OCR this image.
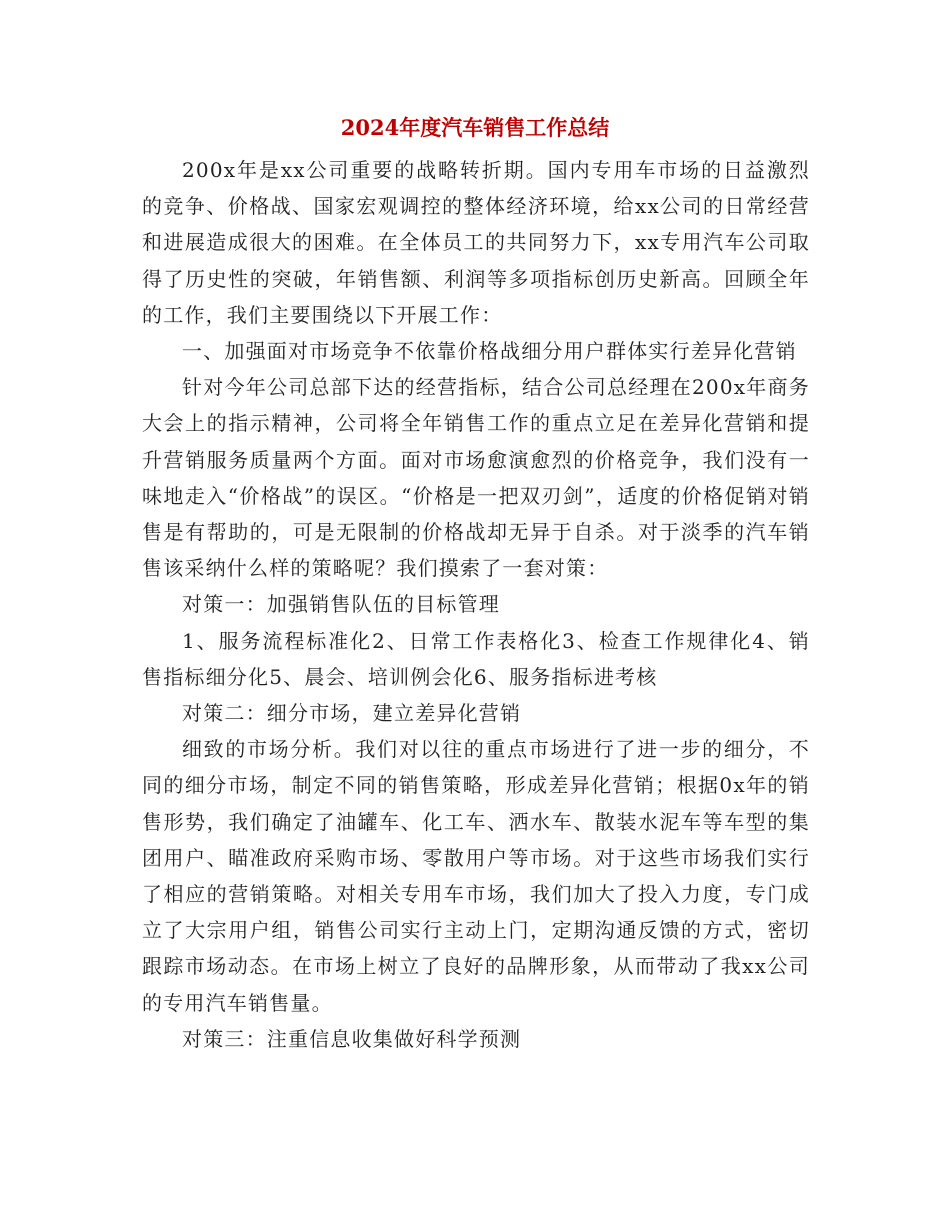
2024年度汽车销售工作总结

200x年是xx公司重要的战略转折期。国内专用车市场的日益激烈的竞争、价格战、国家宏观调控的整体经济环境，给xx公司的日常经营和进展造成很大的困难。在全体员工的共同努力下，xx专用汽车公司取得了历史性的突破，年销售额、利润等多项指标创历史新高。回顾全年的工作，我们主要围绕以下开展工作：

一、加强面对市场竞争不依靠价格战细分用户群体实行差异化营销

针对今年公司总部下达的经营指标，结合公司总经理在200x年商务大会上的指示精神，公司将全年销售工作的重点立足在差异化营销和提升营销服务质量两个方面。面对市场愈演愈烈的价格竞争，我们没有一味地走入“价格战”的误区。“价格是一把双刃剑”，适度的价格促销对销售是有帮助的，可是无限制的价格战却无异于自杀。对于淡季的汽车销售该采纳什么样的策略呢？我们摸索了一套对策：

对策一：加强销售队伍的目标管理

1、服务流程标准化2、日常工作表格化3、检查工作规律化4、销售指标细分化5、晨会、培训例会化6、服务指标进考核

对策二：细分市场，建立差异化营销

细致的市场分析。我们对以往的重点市场进行了进一步的细分，不同的细分市场，制定不同的销售策略，形成差异化营销；根据0x年的销售形势，我们确定了油罐车、化工车、洒水车、散装水泥车等车型的集团用户、瞄准政府采购市场、零散用户等市场。对于这些市场我们实行了相应的营销策略。对相关专用车市场，我们加大了投入力度，专门成立了大宗用户组，销售公司实行主动上门，定期沟通反馈的方式，密切跟踪市场动态。在市场上树立了良好的品牌形象，从而带动了我xx公司的专用汽车销售量。

对策三：注重信息收集做好科学预测
